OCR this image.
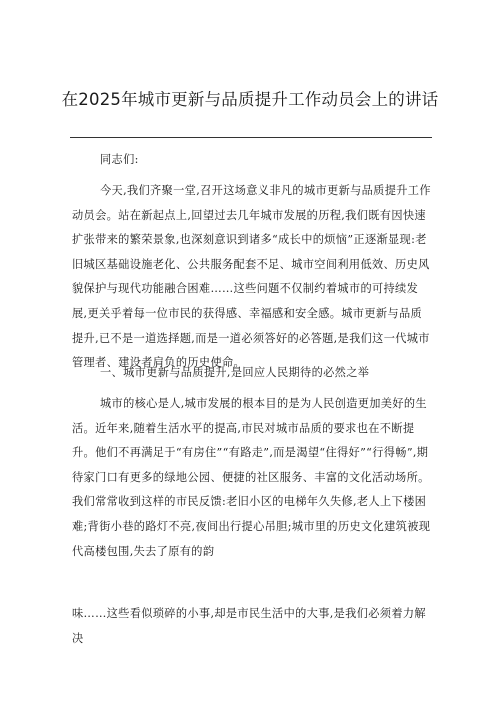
在2025年城市更新与品质提升工作动员会上的讲话

同志们:

今天,我们齐聚一堂,召开这场意义非凡的城市更新与品质提升工作动员会。站在新起点上,回望过去几年城市发展的历程,我们既有因快速扩张带来的繁荣景象,也深刻意识到诸多“成长中的烦恼”正逐渐显现:老旧城区基础设施老化、公共服务配套不足、城市空间利用低效、历史风貌保护与现代功能融合困难……这些问题不仅制约着城市的可持续发展,更关乎着每一位市民的获得感、幸福感和安全感。城市更新与品质提升,已不是一道选择题,而是一道必须答好的必答题,是我们这一代城市管理者、建设者肩负的历史使命。

一、城市更新与品质提升,是回应人民期待的必然之举

城市的核心是人,城市发展的根本目的是为人民创造更加美好的生活。近年来,随着生活水平的提高,市民对城市品质的要求也在不断提升。他们不再满足于“有房住”“有路走”,而是渴望“住得好”“行得畅”,期待家门口有更多的绿地公园、便捷的社区服务、丰富的文化活动场所。我们常常收到这样的市民反馈:老旧小区的电梯年久失修,老人上下楼困难;背街小巷的路灯不亮,夜间出行提心吊胆;城市里的历史文化建筑被现代高楼包围,失去了原有的韵

味……这些看似琐碎的小事,却是市民生活中的大事,是我们必须着力解决
